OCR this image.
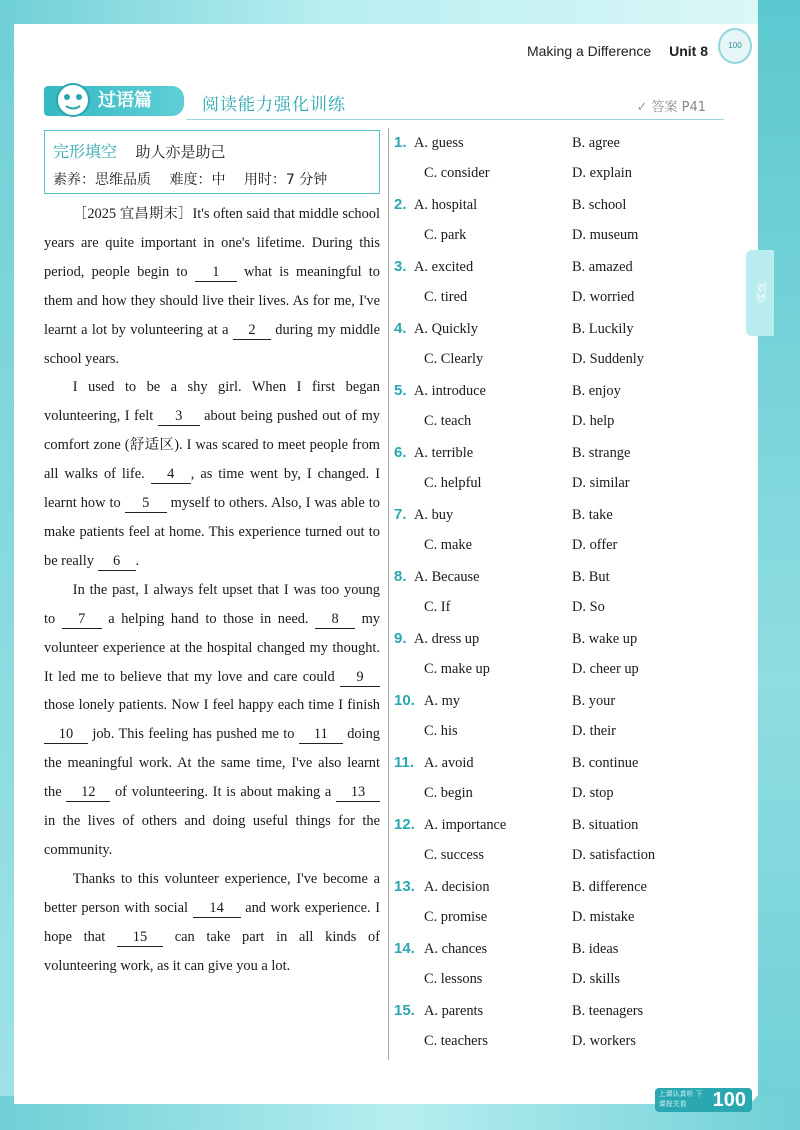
刘梦
Making a Difference Unit 8	100
过语篇	阅读能力强化训练	✓ 答案 P41
完形填空 助人亦是助己
素养：思维品质 难度：中 用时：7 分钟

［2025 宜昌期末］It's often said that middle school years are quite important in one's lifetime. During this period, people begin to 1 what is meaningful to them and how they should live their lives. As for me, I've learnt a lot by volunteering at a 2 during my middle school years.

I used to be a shy girl. When I first began volunteering, I felt 3 about being pushed out of my comfort zone (舒适区). I was scared to meet people from all walks of life. 4 , as time went by, I changed. I learnt how to 5 myself to others. Also, I was able to make patients feel at home. This experience turned out to be really 6 .

In the past, I always felt upset that I was too young to 7 a helping hand to those in need. 8 my volunteer experience at the hospital changed my thought. It led me to believe that my love and care could 9 those lonely patients. Now I feel happy each time I finish 10 job. This feeling has pushed me to 11 doing the meaningful work. At the same time, I've also learnt the 12 of volunteering. It is about making a 13 in the lives of others and doing useful things for the community.

Thanks to this volunteer experience, I've become a better person with social 14 and work experience. I hope that 15 can take part in all kinds of volunteering work, as it can give you a lot.

1. A. guess	B. agree
C. consider	D. explain
2. A. hospital	B. school
C. park	D. museum
3. A. excited	B. amazed
C. tired	D. worried
4. A. Quickly	B. Luckily
C. Clearly	D. Suddenly
5. A. introduce	B. enjoy
C. teach	D. help
6. A. terrible	B. strange
C. helpful	D. similar
7. A. buy	B. take
C. make	D. offer
8. A. Because	B. But
C. If	D. So
9. A. dress up	B. wake up
C. make up	D. cheer up
10. A. my	B. your
C. his	D. their
11. A. avoid	B. continue
C. begin	D. stop
12. A. importance	B. situation
C. success	D. satisfaction
13. A. decision	B. difference
C. promise	D. mistake
14. A. chances	B. ideas
C. lessons	D. skills
15. A. parents	B. teenagers
C. teachers	D. workers
上课认真听 下课按关看	100
